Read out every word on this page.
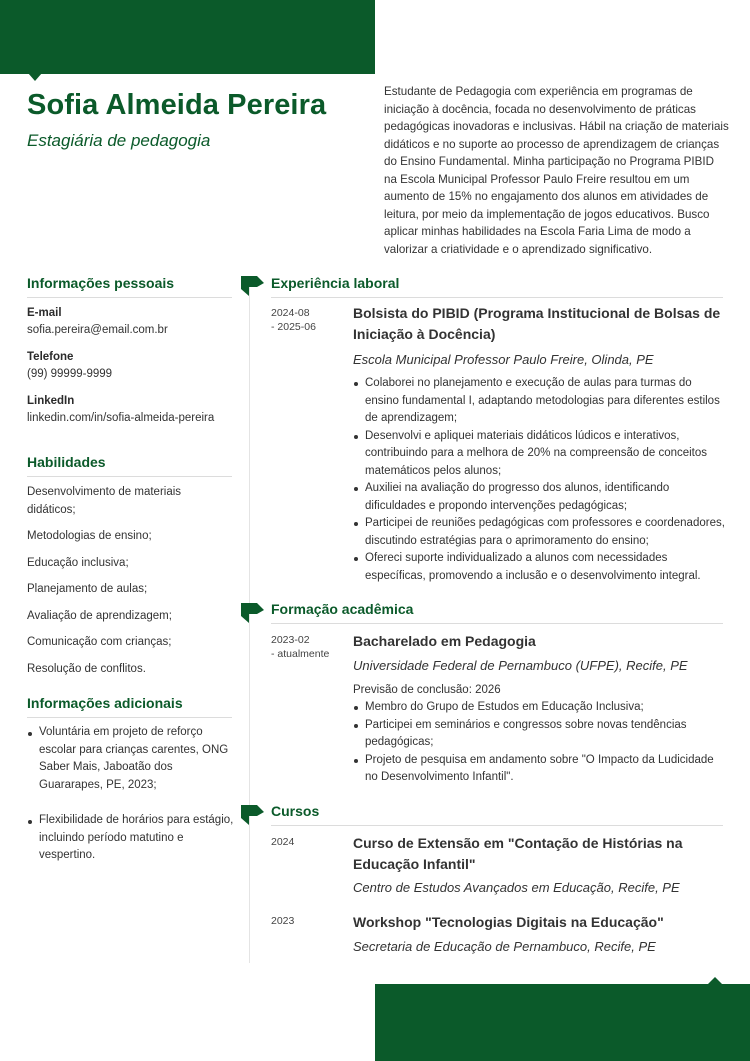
Sofia Almeida Pereira
Estagiária de pedagogia

Estudante de Pedagogia com experiência em programas de iniciação à docência, focada no desenvolvimento de práticas pedagógicas inovadoras e inclusivas. Hábil na criação de materiais didáticos e no suporte ao processo de aprendizagem de crianças do Ensino Fundamental. Minha participação no Programa PIBID na Escola Municipal Professor Paulo Freire resultou em um aumento de 15% no engajamento dos alunos em atividades de leitura, por meio da implementação de jogos educativos. Busco aplicar minhas habilidades na Escola Faria Lima de modo a valorizar a criatividade e o aprendizado significativo.

Informações pessoais
E-mail
sofia.pereira@email.com.br
Telefone
(99) 99999-9999
LinkedIn
linkedin.com/in/sofia-almeida-pereira
Habilidades
Desenvolvimento de materiais didáticos;
Metodologias de ensino;
Educação inclusiva;
Planejamento de aulas;
Avaliação de aprendizagem;
Comunicação com crianças;
Resolução de conflitos.
Informações adicionais
Voluntária em projeto de reforço escolar para crianças carentes, ONG Saber Mais, Jaboatão dos Guararapes, PE, 2023;
Flexibilidade de horários para estágio, incluindo período matutino e vespertino.
Experiência laboral
2024-08
- 2025-06
Bolsista do PIBID (Programa Institucional de Bolsas de Iniciação à Docência)
Escola Municipal Professor Paulo Freire, Olinda, PE
Colaborei no planejamento e execução de aulas para turmas do ensino fundamental I, adaptando metodologias para diferentes estilos de aprendizagem;
Desenvolvi e apliquei materiais didáticos lúdicos e interativos, contribuindo para a melhora de 20% na compreensão de conceitos matemáticos pelos alunos;
Auxiliei na avaliação do progresso dos alunos, identificando dificuldades e propondo intervenções pedagógicas;
Participei de reuniões pedagógicas com professores e coordenadores, discutindo estratégias para o aprimoramento do ensino;
Ofereci suporte individualizado a alunos com necessidades específicas, promovendo a inclusão e o desenvolvimento integral.
Formação acadêmica
2023-02
- atualmente
Bacharelado em Pedagogia
Universidade Federal de Pernambuco (UFPE), Recife, PE
Previsão de conclusão: 2026
Membro do Grupo de Estudos em Educação Inclusiva;
Participei em seminários e congressos sobre novas tendências pedagógicas;
Projeto de pesquisa em andamento sobre "O Impacto da Ludicidade no Desenvolvimento Infantil".
Cursos
2024	Curso de Extensão em "Contação de Histórias na Educação Infantil"
Centro de Estudos Avançados em Educação, Recife, PE
2023	Workshop "Tecnologias Digitais na Educação"
Secretaria de Educação de Pernambuco, Recife, PE
